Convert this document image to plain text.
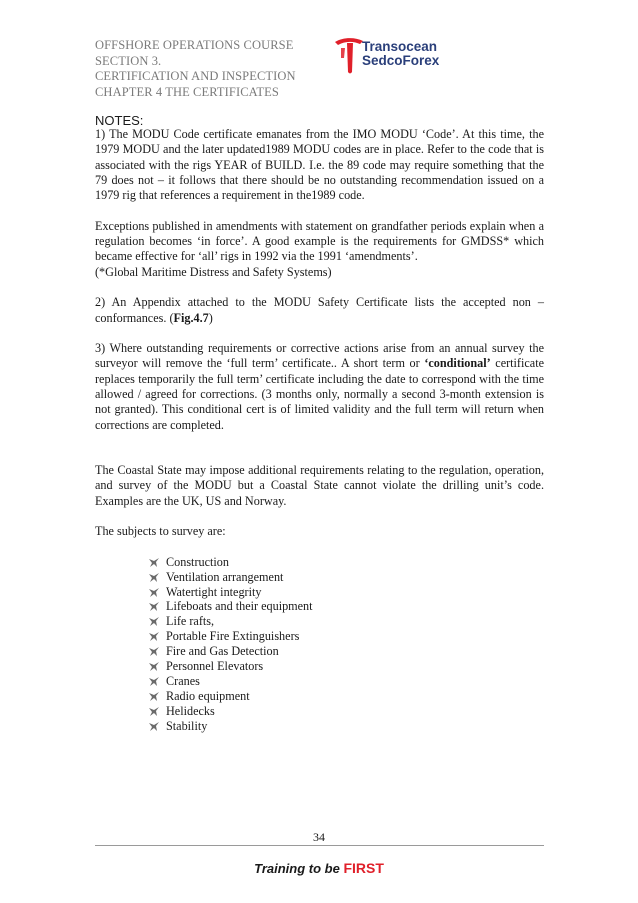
OFFSHORE OPERATIONS COURSE
SECTION 3.
CERTIFICATION AND INSPECTION
CHAPTER 4 THE CERTIFICATES
Transocean
SedcoForex
NOTES:

1) The MODU Code certificate emanates from the IMO MODU ‘Code’. At this time, the 1979 MODU and the later updated1989 MODU codes are in place. Refer to the code that is associated with the rigs YEAR of BUILD. I.e. the 89 code may require something that the 79 does not – it follows that there should be no outstanding recommendation issued on a 1979 rig that references a requirement in the1989 code.

Exceptions published in amendments with statement on grandfather periods explain when a regulation becomes ‘in force’. A good example is the requirements for GMDSS* which became effective for ‘all’ rigs in 1992 via the 1991 ‘amendments’.
(*Global Maritime Distress and Safety Systems)

2) An Appendix attached to the MODU Safety Certificate lists the accepted non – conformances. (Fig.4.7)

3) Where outstanding requirements or corrective actions arise from an annual survey the surveyor will remove the ‘full term’ certificate.. A short term or ‘conditional’ certificate replaces temporarily the full term’ certificate including the date to correspond with the time allowed / agreed for corrections. (3 months only, normally a second 3-month extension is not granted). This conditional cert is of limited validity and the full term will return when corrections are completed.

The Coastal State may impose additional requirements relating to the regulation, operation, and survey of the MODU but a Coastal State cannot violate the drilling unit’s code. Examples are the UK, US and Norway.

The subjects to survey are:

Construction
Ventilation arrangement
Watertight integrity
Lifeboats and their equipment
Life rafts,
Portable Fire Extinguishers
Fire and Gas Detection
Personnel Elevators
Cranes
Radio equipment
Helidecks
Stability
34
Training to be FIRST
